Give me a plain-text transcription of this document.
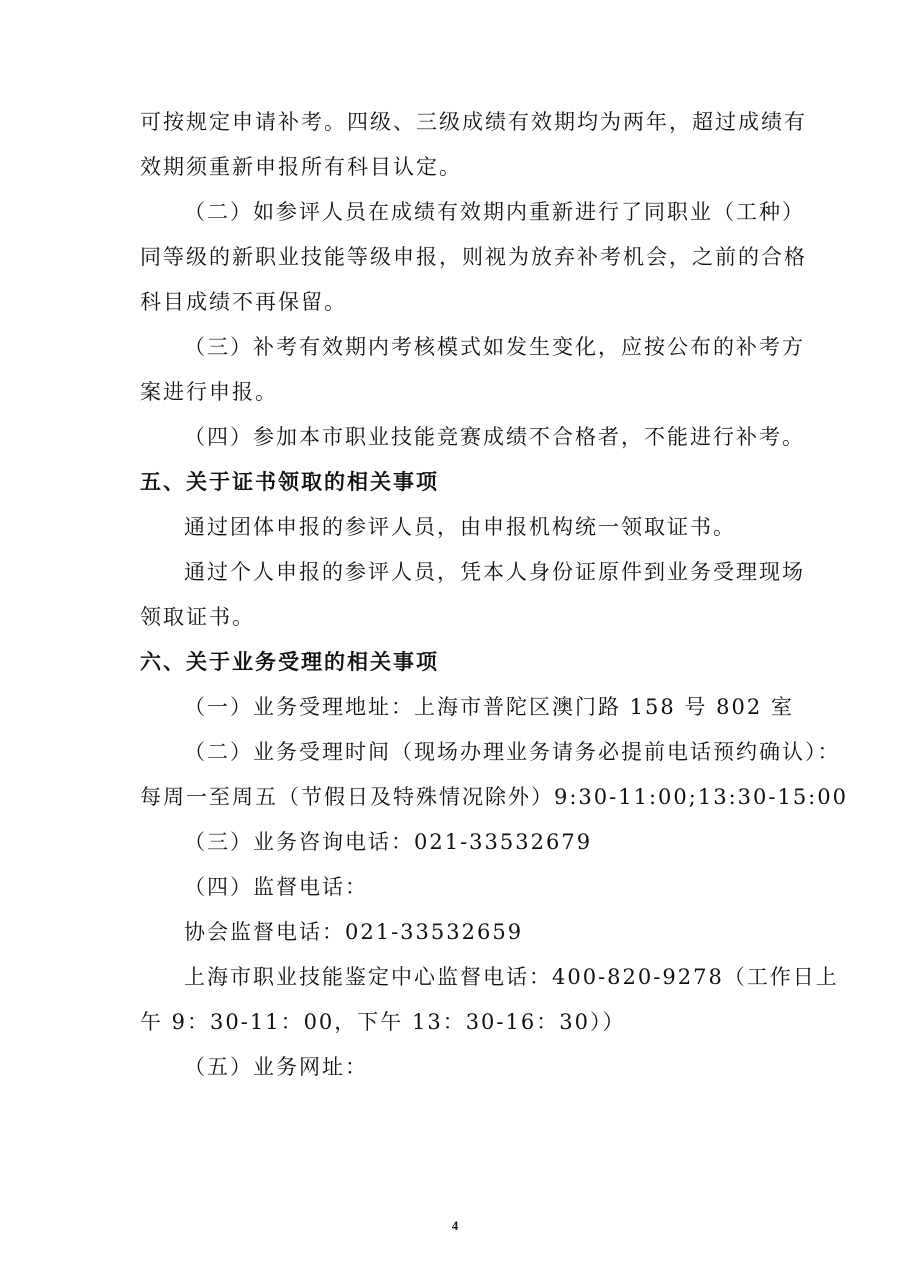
可按规定申请补考。四级、三级成绩有效期均为两年，超过成绩有

效期须重新申报所有科目认定。

（二）如参评人员在成绩有效期内重新进行了同职业（工种）

同等级的新职业技能等级申报，则视为放弃补考机会，之前的合格

科目成绩不再保留。

（三）补考有效期内考核模式如发生变化，应按公布的补考方

案进行申报。

（四）参加本市职业技能竞赛成绩不合格者，不能进行补考。

五、关于证书领取的相关事项

通过团体申报的参评人员，由申报机构统一领取证书。

通过个人申报的参评人员，凭本人身份证原件到业务受理现场

领取证书。

六、关于业务受理的相关事项

（一）业务受理地址：上海市普陀区澳门路 158 号 802 室

（二）业务受理时间（现场办理业务请务必提前电话预约确认）：

每周一至周五（节假日及特殊情况除外）9:30-11:00;13:30-15:00

（三）业务咨询电话：021-33532679

（四）监督电话：

协会监督电话：021-33532659

上海市职业技能鉴定中心监督电话：400-820-9278（工作日上

午 9：30-11：00，下午 13：30-16：30））

（五）业务网址：

4
